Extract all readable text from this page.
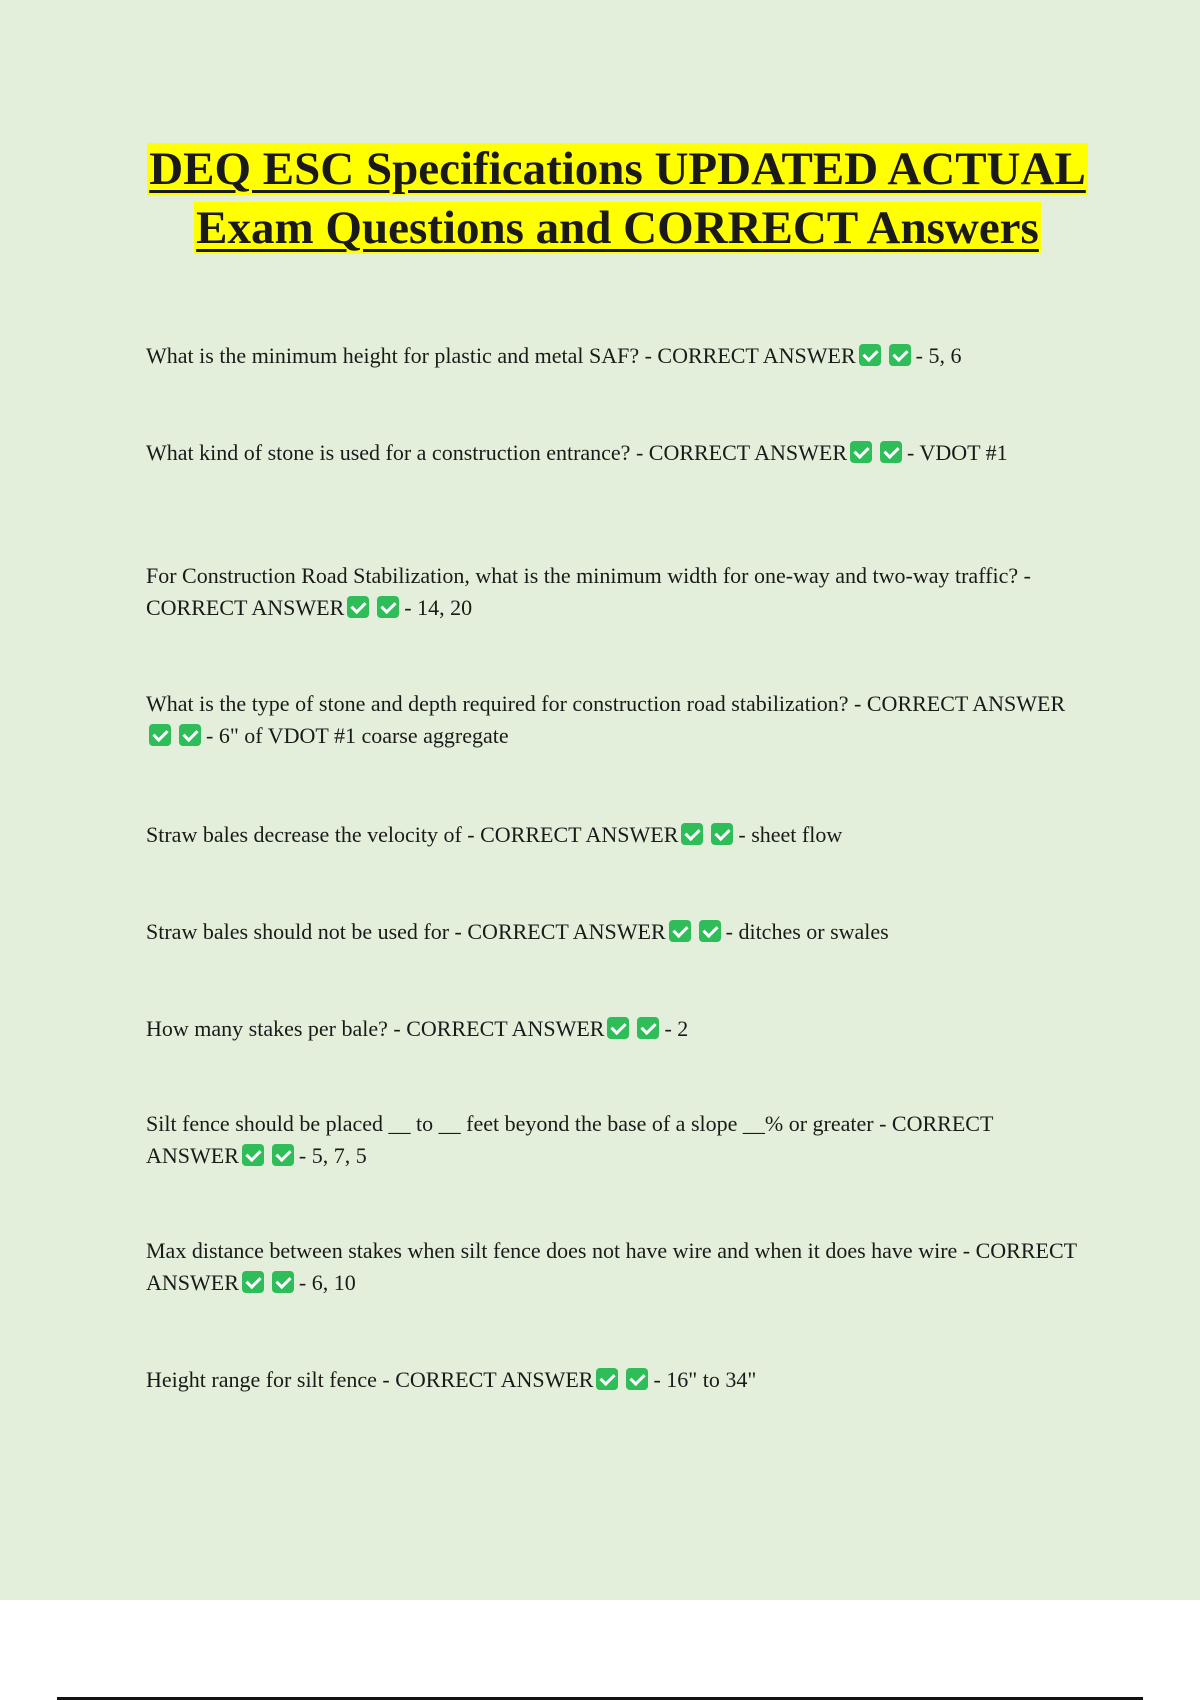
DEQ ESC Specifications UPDATED ACTUAL Exam Questions and CORRECT Answers

What is the minimum height for plastic and metal SAF? - CORRECT ANSWER	- 5, 6

What kind of stone is used for a construction entrance? - CORRECT ANSWER	- VDOT #1

For Construction Road Stabilization, what is the minimum width for one-way and two-way traffic? - CORRECT ANSWER	- 14, 20

What is the type of stone and depth required for construction road stabilization? - CORRECT ANSWER- 6" of VDOT #1 coarse aggregate

Straw bales decrease the velocity of - CORRECT ANSWER	- sheet flow

Straw bales should not be used for - CORRECT ANSWER	- ditches or swales

How many stakes per bale? - CORRECT ANSWER	- 2

Silt fence should be placed __ to __ feet beyond the base of a slope __% or greater - CORRECT ANSWER	- 5, 7, 5

Max distance between stakes when silt fence does not have wire and when it does have wire - CORRECT ANSWER	- 6, 10

Height range for silt fence - CORRECT ANSWER	- 16" to 34"
